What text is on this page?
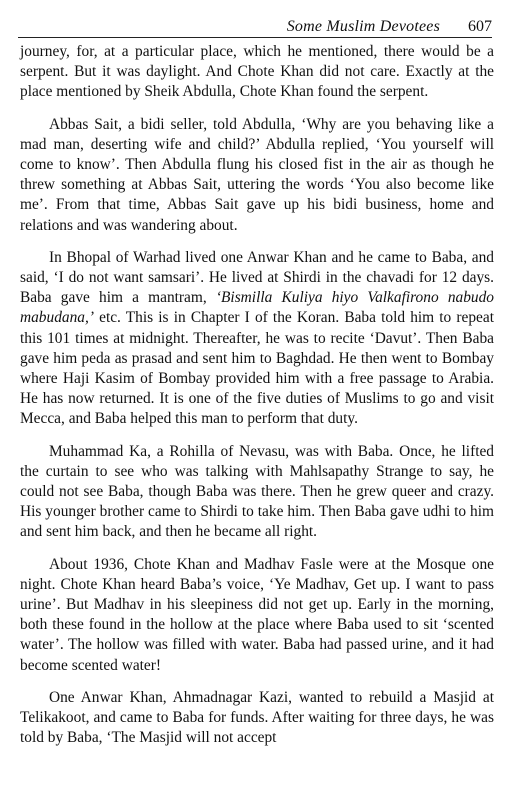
Some Muslim Devotees 607

journey, for, at a particular place, which he mentioned, there would be a serpent. But it was daylight. And Chote Khan did not care. Exactly at the place mentioned by Sheik Abdulla, Chote Khan found the serpent.

Abbas Sait, a bidi seller, told Abdulla, ‘Why are you behaving like a mad man, deserting wife and child?’ Abdulla replied, ‘You yourself will come to know’. Then Abdulla flung his closed fist in the air as though he threw something at Abbas Sait, uttering the words ‘You also become like me’. From that time, Abbas Sait gave up his bidi business, home and relations and was wandering about.

In Bhopal of Warhad lived one Anwar Khan and he came to Baba, and said, ‘I do not want samsari’. He lived at Shirdi in the chavadi for 12 days. Baba gave him a mantram, ‘Bismilla Kuliya hiyo Valkafirono nabudo mabudana,’ etc. This is in Chapter I of the Koran. Baba told him to repeat this 101 times at midnight. Thereafter, he was to recite ‘Davut’. Then Baba gave him peda as prasad and sent him to Baghdad. He then went to Bombay where Haji Kasim of Bombay provided him with a free passage to Arabia. He has now returned. It is one of the five duties of Muslims to go and visit Mecca, and Baba helped this man to perform that duty.

Muhammad Ka, a Rohilla of Nevasu, was with Baba. Once, he lifted the curtain to see who was talking with Mahlsapathy Strange to say, he could not see Baba, though Baba was there. Then he grew queer and crazy. His younger brother came to Shirdi to take him. Then Baba gave udhi to him and sent him back, and then he became all right.

About 1936, Chote Khan and Madhav Fasle were at the Mosque one night. Chote Khan heard Baba’s voice, ‘Ye Madhav, Get up. I want to pass urine’. But Madhav in his sleepiness did not get up. Early in the morning, both these found in the hollow at the place where Baba used to sit ‘scented water’. The hollow was filled with water. Baba had passed urine, and it had become scented water!

One Anwar Khan, Ahmadnagar Kazi, wanted to rebuild a Masjid at Telikakoot, and came to Baba for funds. After waiting for three days, he was told by Baba, ‘The Masjid will not accept
